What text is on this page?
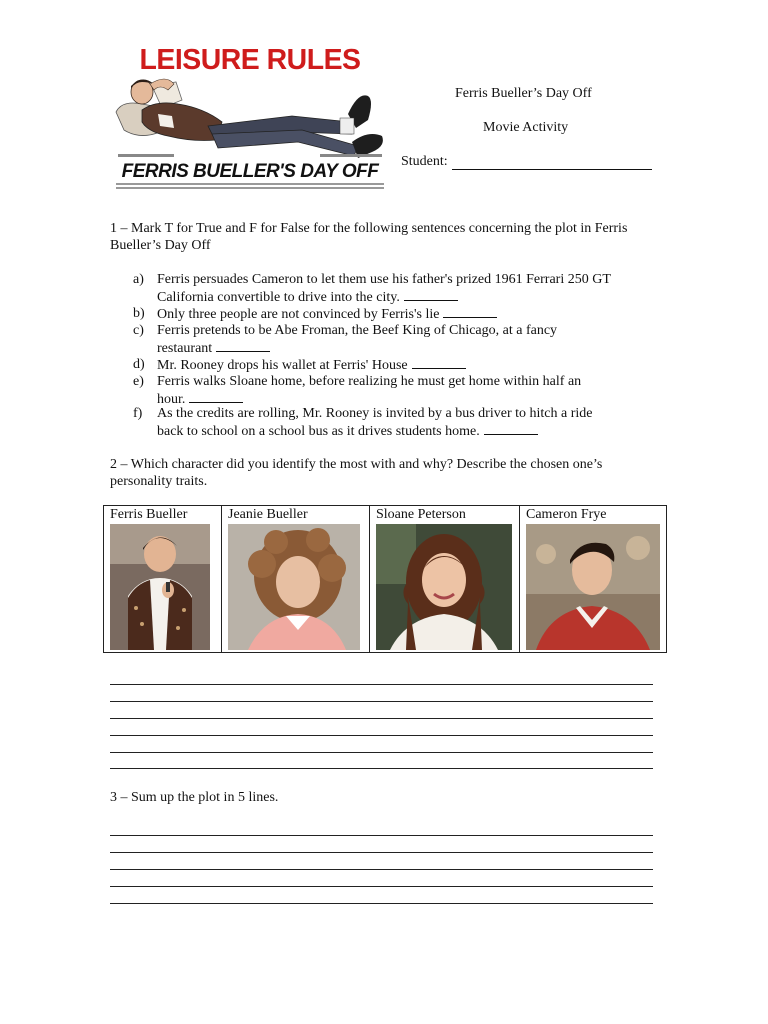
LEISURE RULES
FERRIS BUELLER'S DAY OFF
Ferris Bueller’s Day Off
Movie Activity
Student:
1 – Mark T for True and F for False for the following sentences concerning the plot in Ferris Bueller’s Day Off
a) Ferris persuades Cameron to let them use his father's prized 1961 Ferrari 250 GT
California convertible to drive into the city.
b) Only three people are not convinced by Ferris's lie
c) Ferris pretends to be Abe Froman, the Beef King of Chicago, at a fancy
restaurant
d) Mr. Rooney drops his wallet at Ferris' House
e) Ferris walks Sloane home, before realizing he must get home within half an
hour.
f) As the credits are rolling, Mr. Rooney is invited by a bus driver to hitch a ride
back to school on a school bus as it drives students home.
2 – Which character did you identify the most with and why? Describe the chosen one’s personality traits.
Ferris Bueller	Jeanie Bueller	Sloane Peterson	Cameron Frye
3 – Sum up the plot in 5 lines.
